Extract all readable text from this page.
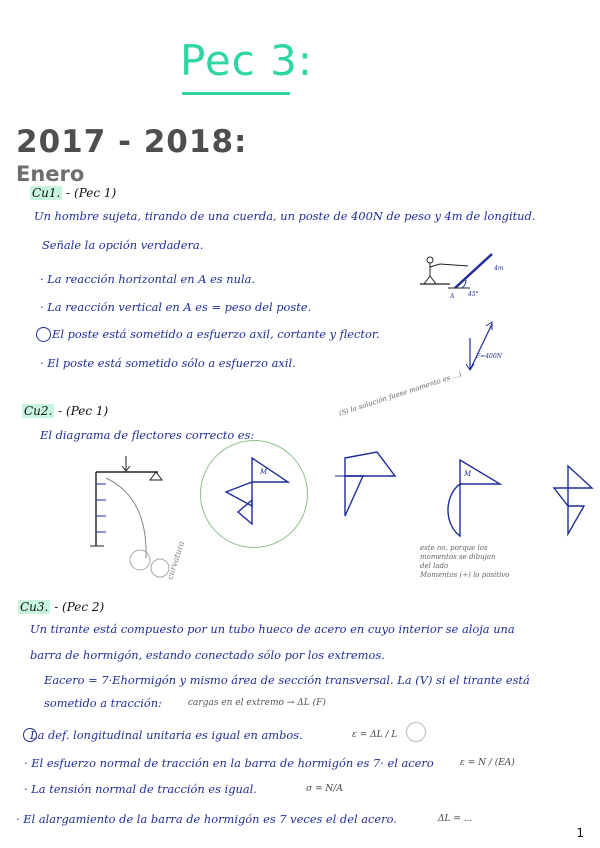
Pec 3:
2017 - 2018:
Enero
Cu1. - (Pec 1)
Un hombre sujeta, tirando de una cuerda, un poste de 400N de peso y 4m de longitud.
Señale la opción verdadera.
· La reacción horizontal en A es nula.
· La reacción vertical en A es = peso del poste.
El poste está sometido a esfuerzo axil, cortante y flector.
· El poste está sometido sólo a esfuerzo axil.
A 45°
4m
F=400N
Cu2. - (Pec 1)
El diagrama de flectores correcto es:
(Si la solución fuese momento es ...)
curvatura
M	M
este no, porque los
momentos se dibujan
del lado
Momentos (+) lo positivo
Cu3. - (Pec 2)
Un tirante está compuesto por un tubo hueco de acero en cuyo interior se aloja una
barra de hormigón, estando conectado sólo por los extremos.
Eacero = 7·Ehormigón y mismo área de sección transversal. La (V) si el tirante está
sometido a tracción:	cargas en el extremo → ΔL (F)
La def. longitudinal unitaria es igual en ambos.	ε = ΔL / L
· El esfuerzo normal de tracción en la barra de hormigón es 7· el acero	ε = N / (EA)
· La tensión normal de tracción es igual.	σ = N/A
· El alargamiento de la barra de hormigón es 7 veces el del acero.	ΔL = ...
1
